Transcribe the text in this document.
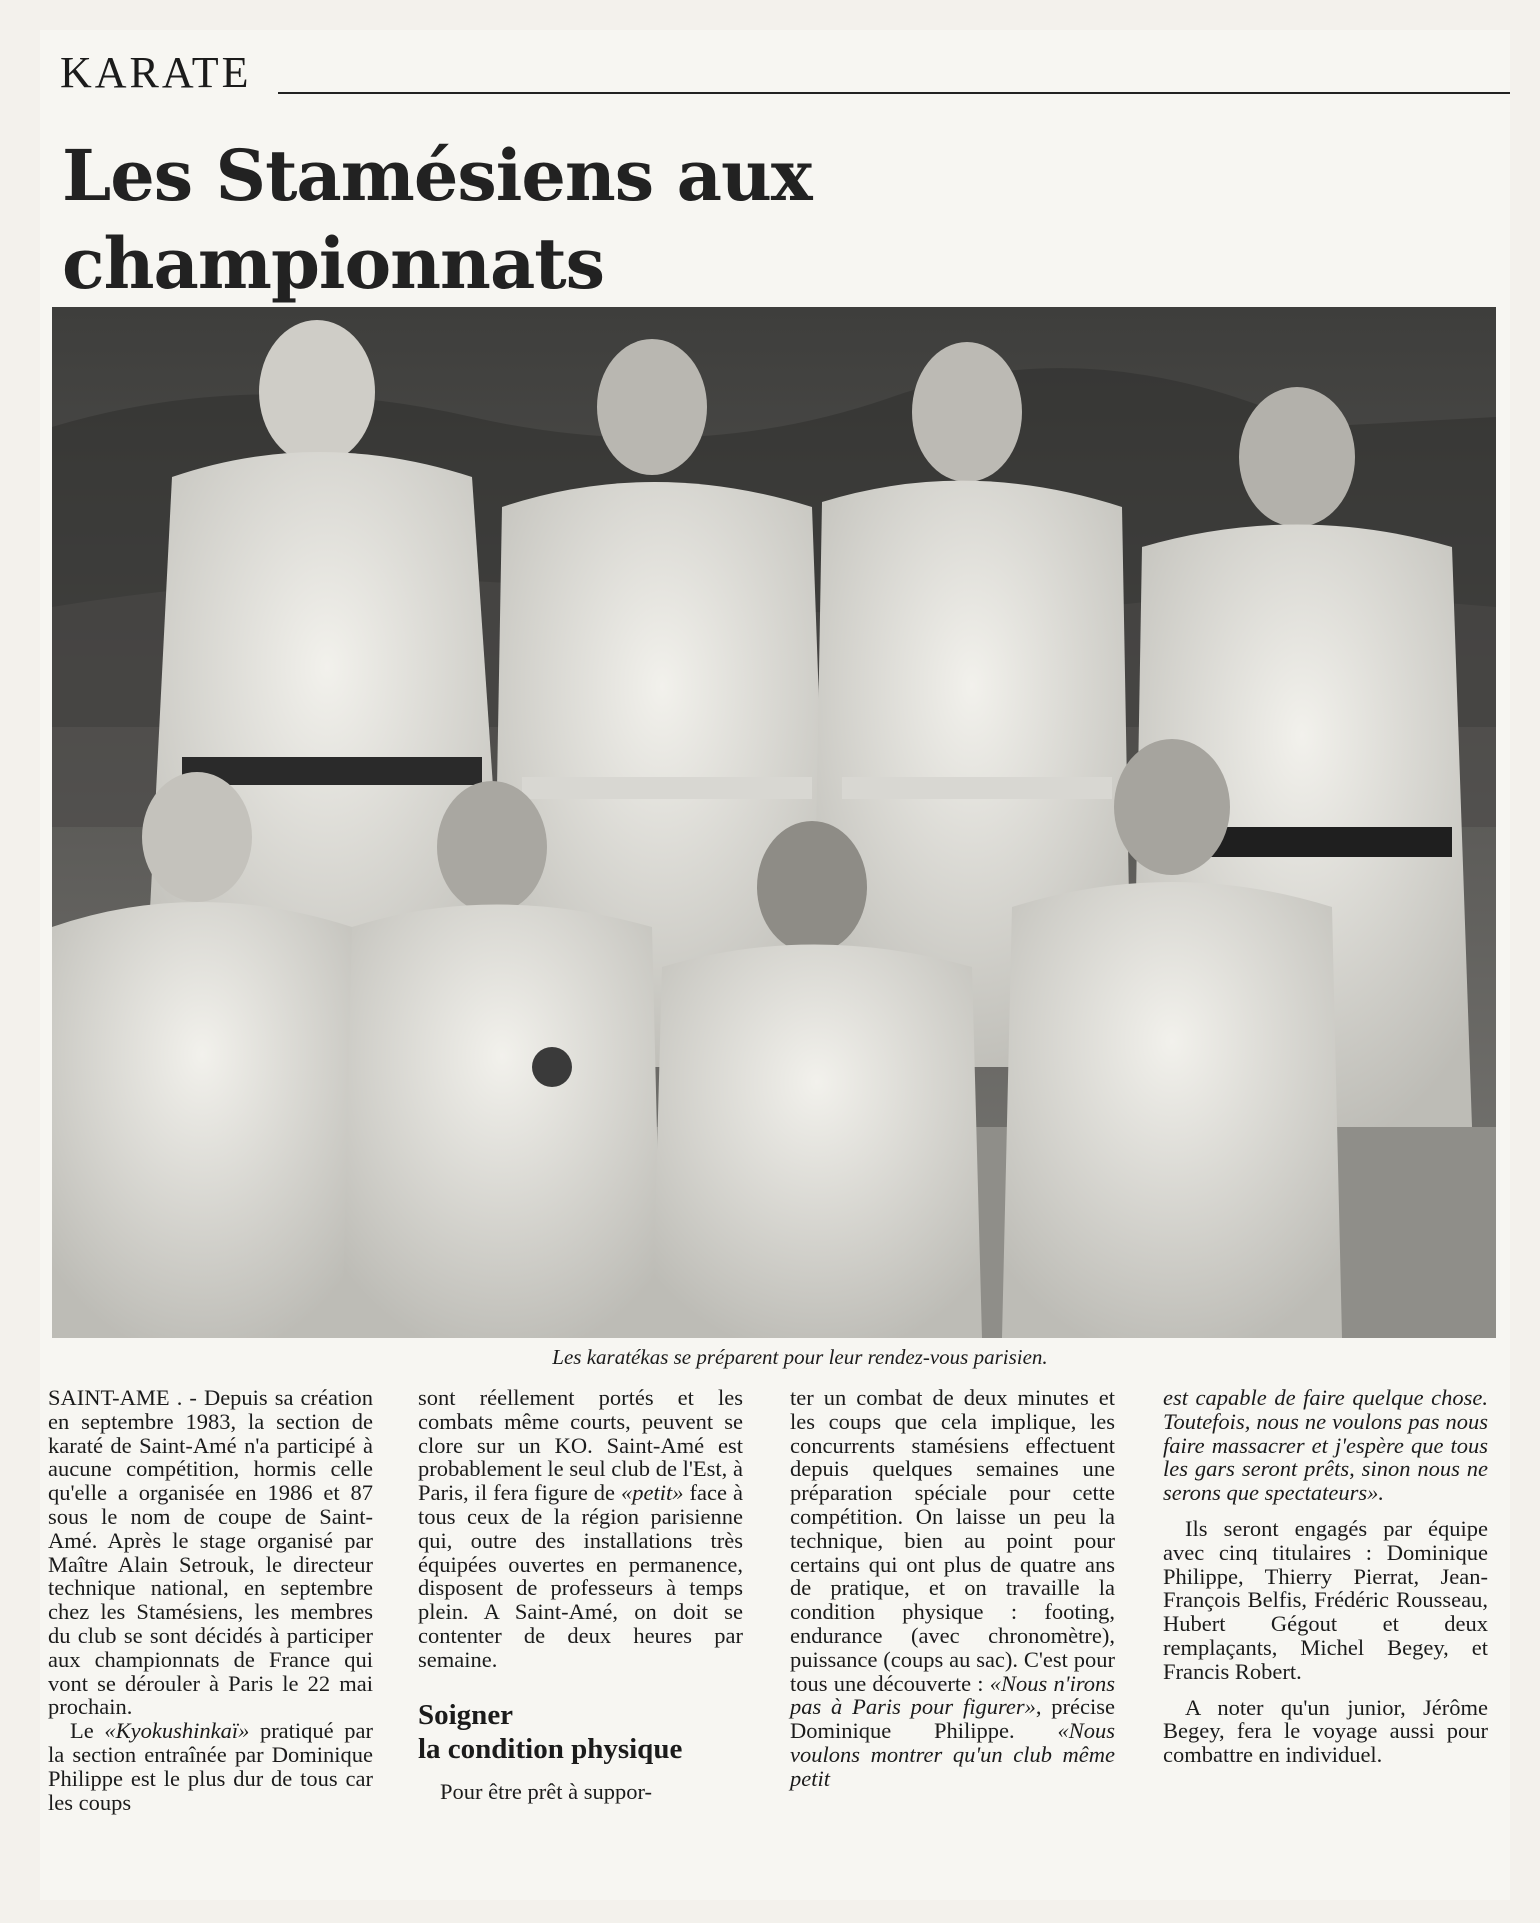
KARATE
Les Stamésiens aux championnats

Les karatékas se préparent pour leur rendez-vous parisien.

SAINT-AME . - Depuis sa création en septembre 1983, la section de karaté de Saint-Amé n'a participé à aucune compétition, hormis celle qu'elle a organisée en 1986 et 87 sous le nom de coupe de Saint-Amé. Après le stage organisé par Maître Alain Setrouk, le directeur technique national, en septembre chez les Stamésiens, les membres du club se sont décidés à participer aux championnats de France qui vont se dérouler à Paris le 22 mai prochain.

Le «Kyokushinkaï» pratiqué par la section entraînée par Dominique Philippe est le plus dur de tous car les coups

sont réellement portés et les combats même courts, peuvent se clore sur un KO. Saint-Amé est probablement le seul club de l'Est, à Paris, il fera figure de «petit» face à tous ceux de la région parisienne qui, outre des installations très équipées ouvertes en permanence, disposent de professeurs à temps plein. A Saint-Amé, on doit se contenter de deux heures par semaine.

Soigner
la condition physique

Pour être prêt à suppor-

ter un combat de deux minutes et les coups que cela implique, les concurrents stamésiens effectuent depuis quelques semaines une préparation spéciale pour cette compétition. On laisse un peu la technique, bien au point pour certains qui ont plus de quatre ans de pratique, et on travaille la condition physique : footing, endurance (avec chronomètre), puissance (coups au sac). C'est pour tous une découverte : «Nous n'irons pas à Paris pour figurer», précise Dominique Philippe. «Nous voulons montrer qu'un club même petit

est capable de faire quelque chose. Toutefois, nous ne voulons pas nous faire massacrer et j'espère que tous les gars seront prêts, sinon nous ne serons que spectateurs».

Ils seront engagés par équipe avec cinq titulaires : Dominique Philippe, Thierry Pierrat, Jean-François Belfis, Frédéric Rousseau, Hubert Gégout et deux remplaçants, Michel Begey, et Francis Robert.

A noter qu'un junior, Jérôme Begey, fera le voyage aussi pour combattre en individuel.
